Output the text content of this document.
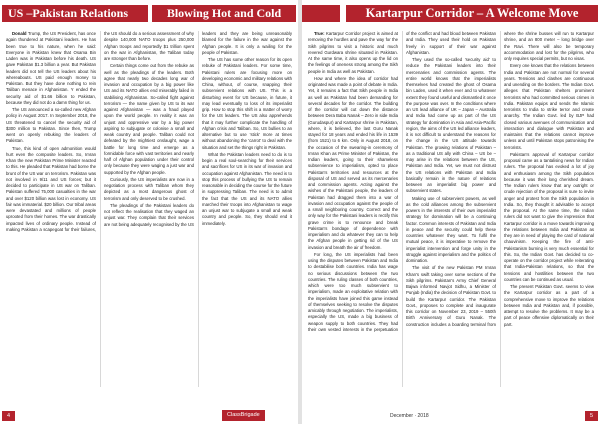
US –Pakistan Relations	Blowing Hot and Cold

Donald Trump, the US President, has once again thundered at Pakistani leaders. He has been true to his nature, when he said: Everyone in Pakistan knew that Osama Bin Laden was in Pakistan before his death. US gave Pakistan $1.3 billion a year. But Pakistan leaders did not tell the US leaders about his whereabouts. US paid enough money to Pakistan. But they have done nothing to rein Taliban menace in Afghanistan. Y ended the security aid of $1.66 billion to Pakistan, because they did not do a damn thing for us.

The US announced a so-called new Afghan policy in August 2017. In September 2018, the US threatened to cancel the security aid of $300 million to Pakistan. Since then, Trump went on openly rebuking the leaders of Pakistan.

True, this kind of open admonition would hurt even the composite leaders. So, Imran Khan the new Pakistan Prime Minister reacted to this. He pleaded that Pakistan had borne the brunt of the US war on terrorism. Pakistan was not involved in 9/11 and US forces; but it decided to participate in US war on Taliban. Pakistan suffered 75,000 casualties in the war and over $120 billion was lost in economy. US fair was immaterial. $20 billion. Our tribal areas were devastated and millions of people uprooted from their homes. The war drastically impacted lives of ordinary people. Instead of making Pakistan a scapegoat for their failures, the US should do a serious assessment of why despite 140,000 NATO troops plus 250,000 Afghan troops and reportedly $1 trillion spent on the war in Afghanistan, the Taliban today are stronger than before.

Certain things come out from the rebuke as well as the pleadings of the leaders. Both agree that nearly two decades long war of invasion and occupation by a big power like US and its NATO allies end miserably failed in stabilising Afghanistan. So-called fight against terrorism — the name given by US to its war against Afghanistan — was a fraud played upon the world people. In reality it was an unjust and oppressive war by a big power aspiring to subjugate or colonise a small and weak country and people. Taliban could not defeated by the mightiest onslaught, wage a battle for long time and emerge as a formidable force with vast territories and nearly half of Afghan population under their control only because they were waging a just war and supported by the Afghan people.

Curiously, the US imperialists are now in a negotiation process with Taliban whom they depicted as a most dangerous ghost of terrorism and only deserved to be crushed.

The pleadings of the Pakistani leaders do not reflect the realisation that they waged an unjust war. They complain that their services are not being adequately recognised by the US leaders and they are being unreasonably blamed for the failure in the war against the Afghan people. It is only a wailing for the people of Pakistan.

The US has some other reason for its open rebuke of Pakistani leaders. For some time, Pakistani rulers are focusing more on developing economic and military relations with China, without, of course, snapping their subservient relations with US. This is a disturbing event for US because, in future, it may lead eventually to loss of its imperialist grip. How to stop this shift is a matter of worry for the US leaders. The US also apprehends that it may further complicate the handling of Afghan crisis and Taliban. So, US bullies to an alternative but to use 'stick' more at times without abandoning the 'carrot' to deal with the situation and set the things right in Pakistan.

What the Pakistan leaders need to do is to begin a real soul-searching for their services and sacrifices for US in its war of invasion and occupation against Afghanistan. The need is to stop this process of bullying the US to remain reasonable in deciding the course for the future in suppressing Taliban. The need is to admit the fact that the US and its NATO allies marched their troops into Afghanistan to wage an unjust war to subjugate a small and weak country and people. So, they should end it immediately.

4	ClassBrigade
Kartarpur Corridor – A Welcome Move

True: Kartarpur Corridor project is aimed at removing the hurdles and pave the way for the Sikh pilgrims to visit a historic and much revered Gurdwara shrine situated in Pakistan. At the same time, it also opens up the lid on the feelings of oneness strong among the Sikh people in India as well as Pakistan.

How and where the idea of corridor had originated was made a point of debate in India. Yet, it remains a fact that Sikh people in India as well as Pakistan had been demanding for several decades for the corridor. The building of the corridor will cut down the distance between Dera Baba Nanak – Zero in side India (Gurudaspur) and Kartarpur shrine in Pakistan, where, it is believed, the last Guru Nanak stayed for 18 years and ended his life in 1539 (from 1521) to 6 km. Only in August 2018, on the occasion of the swearing-in ceremony of Imran Khan as Prime Minister of Pakistan, the Indian leaders, going to their shameless subservience to imperialism, opted to place Pakistan's territories and resources at the disposal of US and served as its mercenaries and commission agents. Acting against the wishes of the Pakistani people, the leaders of Pakistan had dragged them into a war of invasion and occupation against the people of a small neighboring country. Correct and the only way for the Pakistani leaders is rectify this grave crime is to renounce and break Pakistan's bondage of dependence with imperialism and do whatever they can to help the Afghan people in getting rid of the US invasion and breath the air of freedom.

For long, the US imperialists had been using the disputes between Pakistan and India to destabilise both countries. India has wage no serious discussions between the two countries. The ruling classes of both countries, which were too much subservient to imperialism, made an exploitative relation with the imperialists have joined this game instead of themselves seeking to resolve the disputes amicably through negotiation. The imperialists, especially the US, made a big business of weapon supply to both countries. They had their own vested interests in the perpetuation of the conflict and had blood between Pakistan and India. They used their hold on Pakistan freely in support of their war against Afghanistan.

They used the so-called 'security aid' to reduce the Pakistani leaders into their mercenaries and commission agents. The entire world knows that the imperialists themselves had created the ghost of Osama bin Laden, used it when ever and to whatever extent they found useful and dismantled it once the purpose was over. In the conditions where an US lead alliance of UK – Japan – Australia and India had come up as part of the US strategy for domination in Asia and Asia-Pacific region, the aims of the US led alliance leaders, it is not difficult to understand the reasons for the change in the US attitude towards Pakistan. The growing relations of Pakistan – as a traditional US ally with China – US be – may arise in the relations between the US, Pakistan and India. Yet, we must not distrust the US relations with Pakistan and India basically remain in the nature of relations between an imperialist big power and subservient states.

Making use of subservient powers, as well as the cold alliances among the subservient powers in the interests of their own imperialist strategy for domination will be a continuing factor. Common interests of Pakistan and India in peace and the security could help these countries whatever they want. To fulfil the mutual peace, it is imperative to remove the imperialist intervention and forge unity in the struggle against imperialism and the politics of domination.

The visit of the new Pakistan PM Imran Khan's swift taking over some sections of the Sikh pilgrims. Pakistan's Army Chief General Bajwa informed Navjot Sidhu, a Minister of Punjab (India) the decision of Pakistan Govt. to build the Kartarpur corridor. The Pakistan Govt., proposes to complete and inaugurate this corridor on November 23, 2019 – 550th Birth Anniversary of Guru Nanak. The construction includes a boarding terminal from where the shrine busses will run to Kartarpur shrine, and an 800 meter – long bridge over the Ravi. There will also be temporary accommodation and lost for the pilgrims, who only requires special permits, but no visas.

Every one knows that the relations between India and Pakistan are not normal for several years. Tensions and clashes are continuous and unending on the borders. The Indian Govt. alleges that Pakistan shelters prominent terrorists who had committed serious crimes in India. Pakistan equips and sends the Islamic terrorists to India to strike terror and create anarchy. The Indian Govt. led by BJP had closed various avenues of communication and interaction and dialogue with Pakistan and maintains that the relations cannot improve unless and until Pakistan stops patronising the terrorists.

Pakistan's approval of Kartarpur corridor proposal came as a tantalising news for Indian rulers. The proposal has evoked a lot of joy and enthusiasm among the Sikh population because it was their long cherished dream. The Indian rulers know that any outright or crude rejection of the proposal is sure to invite anger and protest from the Sikh population in India. So, they thought it advisable to accept the proposal. At the same time, the Indian rulers did not want to give the impression that Kartarpur corridor is a move towards improving the relations between India and Pakistan as they are in need of playing the card of national chauvinism. Keeping the fire of anti-Pakistanism burning is very much essential for this. So, the Indian Govt. has decided to co-operate on the corridor project while reiterating that India-Pakistan relations, so that the tensions and hostilities between the two countries can be continued as usual.

The present Pakistan Govt. seems to view the Kartarpur corridor as a part of a comprehensive move to improve the relations between India and Pakistan and, if possible, attempt to resolve the problems. It may be a part of peace offensive diplomatically on their part.

December · 2018	5
